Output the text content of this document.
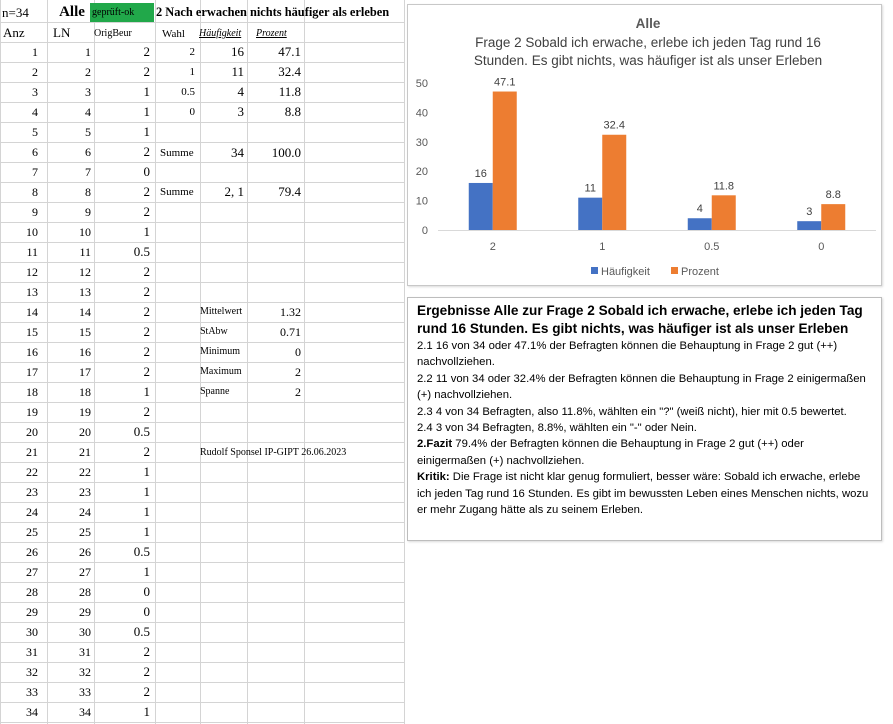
n=34	Alle geprüft-ok	2 Nach erwachen nichts häufiger als erleben
Anz	LN	OrigBeur	Wahl	Häufigkeit	Prozent
1	1	2
2	2	2
3	3	1
4	4	1
5	5	1
6	6	2
7	7	0
8	8	2
9	9	2
10	10	1
11	11	0.5
12	12	2
13	13	2
14	14	2
15	15	2
16	16	2
17	17	2
18	18	1
19	19	2
20	20	0.5
21	21	2
22	22	1
23	23	1
24	24	1
25	25	1
26	26	0.5
27	27	1
28	28	0
29	29	0
30	30	0.5
31	31	2
32	32	2
33	33	2
34	34	1
2	16	47.1
1	11	32.4
0.5	4	11.8
0	3	8.8
Summe	34	100.0
Summe	2, 1	79.4
Mittelwert	1.32
StAbw	0.71
Minimum	0
Maximum	2
Spanne	2
Rudolf Sponsel IP-GIPT 26.06.2023
Alle
Frage 2 Sobald ich erwache, erlebe ich jeden Tag rund 16
Stunden. Es gibt nichts, was häufiger ist als unser Erleben
0
10
20
30
40
50
2
16
47.1
1
11
32.4
0.5
4
11.8
0
3
8.8
Häufigkeit	Prozent

Ergebnisse Alle zur Frage 2 Sobald ich erwache, erlebe ich jeden Tag rund 16 Stunden. Es gibt nichts, was häufiger ist als unser Erleben

2.1 16 von 34 oder 47.1% der Befragten können die Behauptung in Frage 2 gut (++) nachvollziehen.

2.2 11 von 34 oder 32.4% der Befragten können die Behauptung in Frage 2 einigermaßen (+) nachvollziehen.

2.3 4 von 34 Befragten, also 11.8%, wählten ein "?" (weiß nicht), hier mit 0.5 bewertet.

2.4 3 von 34 Befragten, 8.8%, wählten ein "-" oder Nein.

2.Fazit 79.4% der Befragten können die Behauptung in Frage 2 gut (++) oder einigermaßen (+) nachvollziehen.

Kritik: Die Frage ist nicht klar genug formuliert, besser wäre: Sobald ich erwache, erlebe ich jeden Tag rund 16 Stunden. Es gibt im bewussten Leben eines Menschen nichts, wozu er mehr Zugang hätte als zu seinem Erleben.
